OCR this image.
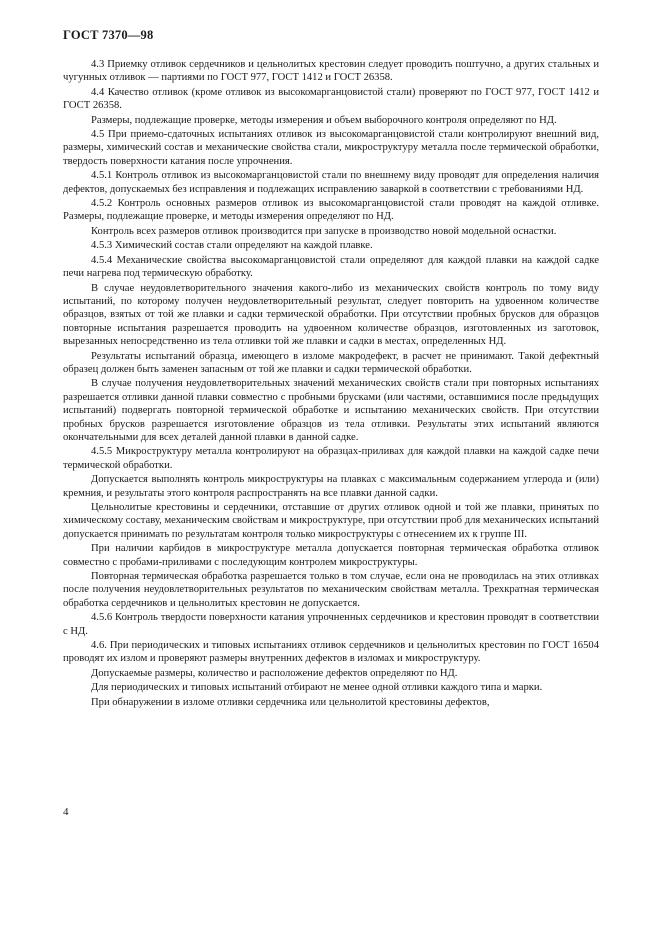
ГОСТ 7370—98

4.3 Приемку отливок сердечников и цельнолитых крестовин следует проводить поштучно, а других стальных и чугунных отливок — партиями по ГОСТ 977, ГОСТ 1412 и ГОСТ 26358.

4.4 Качество отливок (кроме отливок из высокомарганцовистой стали) проверяют по ГОСТ 977, ГОСТ 1412 и ГОСТ 26358.

Размеры, подлежащие проверке, методы измерения и объем выборочного контроля определяют по НД.

4.5 При приемо-сдаточных испытаниях отливок из высокомарганцовистой стали контролируют внешний вид, размеры, химический состав и механические свойства стали, микроструктуру металла после термической обработки, твердость поверхности катания после упрочнения.

4.5.1 Контроль отливок из высокомарганцовистой стали по внешнему виду проводят для определения наличия дефектов, допускаемых без исправления и подлежащих исправлению заваркой в соответствии с требованиями НД.

4.5.2 Контроль основных размеров отливок из высокомарганцовистой стали проводят на каждой отливке. Размеры, подлежащие проверке, и методы измерения определяют по НД.

Контроль всех размеров отливок производится при запуске в производство новой модельной оснастки.

4.5.3 Химический состав стали определяют на каждой плавке.

4.5.4 Механические свойства высокомарганцовистой стали определяют для каждой плавки на каждой садке печи нагрева под термическую обработку.

В случае неудовлетворительного значения какого-либо из механических свойств контроль по тому виду испытаний, по которому получен неудовлетворительный результат, следует повторить на удвоенном количестве образцов, взятых от той же плавки и садки термической обработки. При отсутствии пробных брусков для образцов повторные испытания разрешается проводить на удвоенном количестве образцов, изготовленных из заготовок, вырезанных непосредственно из тела отливки той же плавки и садки в местах, определенных НД.

Результаты испытаний образца, имеющего в изломе макродефект, в расчет не принимают. Такой дефектный образец должен быть заменен запасным от той же плавки и садки термической обработки.

В случае получения неудовлетворительных значений механических свойств стали при повторных испытаниях разрешается отливки данной плавки совместно с пробными брусками (или частями, оставшимися после предыдущих испытаний) подвергать повторной термической обработке и испытанию механических свойств. При отсутствии пробных брусков разрешается изготовление образцов из тела отливки. Результаты этих испытаний являются окончательными для всех деталей данной плавки в данной садке.

4.5.5 Микроструктуру металла контролируют на образцах-приливах для каждой плавки на каждой садке печи термической обработки.

Допускается выполнять контроль микроструктуры на плавках с максимальным содержанием углерода и (или) кремния, и результаты этого контроля распространять на все плавки данной садки.

Цельнолитые крестовины и сердечники, отставшие от других отливок одной и той же плавки, принятых по химическому составу, механическим свойствам и микроструктуре, при отсутствии проб для механических испытаний допускается принимать по результатам контроля только микроструктуры с отнесением их к группе III.

При наличии карбидов в микроструктуре металла допускается повторная термическая обработка отливок совместно с пробами-приливами с последующим контролем микроструктуры.

Повторная термическая обработка разрешается только в том случае, если она не проводилась на этих отливках после получения неудовлетворительных результатов по механическим свойствам металла. Трехкратная термическая обработка сердечников и цельнолитых крестовин не допускается.

4.5.6 Контроль твердости поверхности катания упрочненных сердечников и крестовин проводят в соответствии с НД.

4.6. При периодических и типовых испытаниях отливок сердечников и цельнолитых крестовин по ГОСТ 16504 проводят их излом и проверяют размеры внутренних дефектов в изломах и микроструктуру.

Допускаемые размеры, количество и расположение дефектов определяют по НД.

Для периодических и типовых испытаний отбирают не менее одной отливки каждого типа и марки.

При обнаружении в изломе отливки сердечника или цельнолитой крестовины дефектов,

4
